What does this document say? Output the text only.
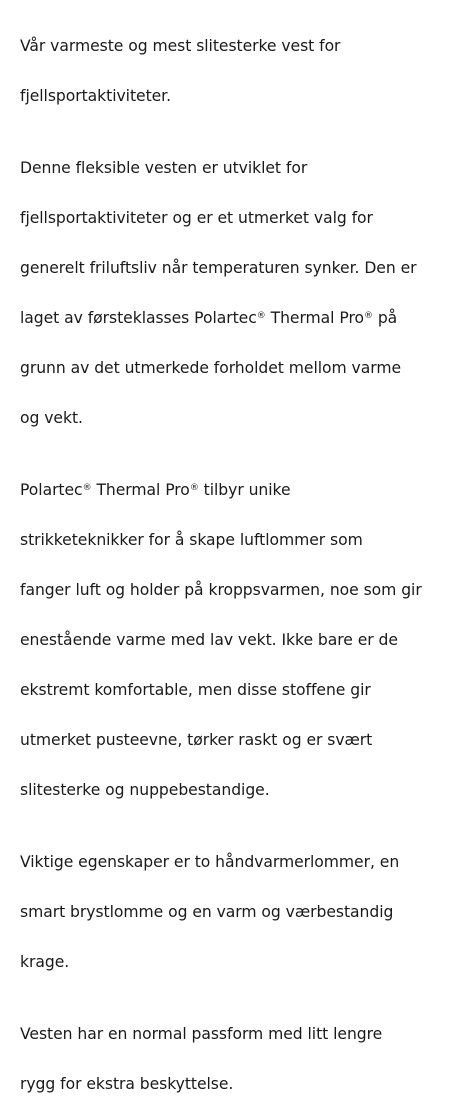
Vår varmeste og mest slitesterke vest for

fjellsportaktiviteter.

Denne fleksible vesten er utviklet for

fjellsportaktiviteter og er et utmerket valg for

generelt friluftsliv når temperaturen synker. Den er

laget av førsteklasses Polartec® Thermal Pro® på

grunn av det utmerkede forholdet mellom varme

og vekt.

Polartec® Thermal Pro® tilbyr unike

strikketeknikker for å skape luftlommer som

fanger luft og holder på kroppsvarmen, noe som gir

enestående varme med lav vekt. Ikke bare er de

ekstremt komfortable, men disse stoffene gir

utmerket pusteevne, tørker raskt og er svært

slitesterke og nuppebestandige.

Viktige egenskaper er to håndvarmerlommer, en

smart brystlomme og en varm og værbestandig

krage.

Vesten har en normal passform med litt lengre

rygg for ekstra beskyttelse.
